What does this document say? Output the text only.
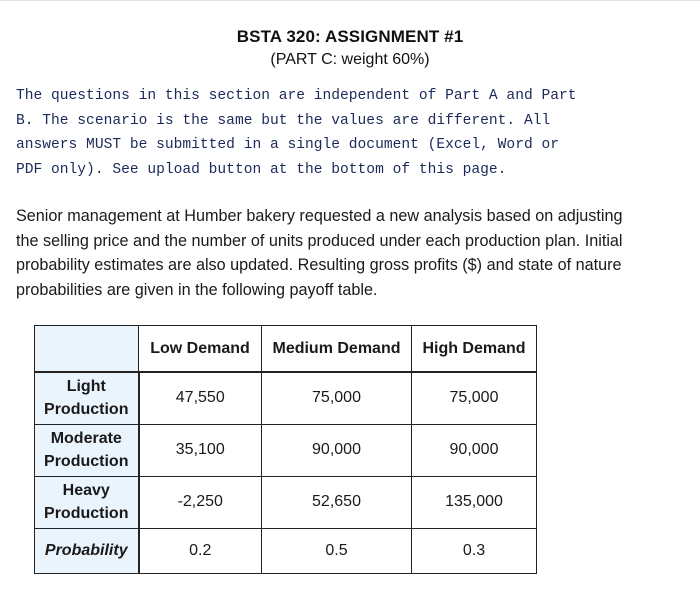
BSTA 320: ASSIGNMENT #1
(PART C: weight 60%)

The questions in this section are independent of Part A and Part

B. The scenario is the same but the values are different. All

answers MUST be submitted in a single document (Excel, Word or

PDF only). See upload button at the bottom of this page.

Senior management at Humber bakery requested a new analysis based on adjusting

the selling price and the number of units produced under each production plan. Initial

probability estimates are also updated. Resulting gross profits ($) and state of nature

probabilities are given in the following payoff table.

	Low Demand	Medium Demand	High Demand
Light
Production	47,550	75,000	75,000
Moderate
Production	35,100	90,000	90,000
Heavy
Production	-2,250	52,650	135,000
Probability	0.2	0.5	0.3
